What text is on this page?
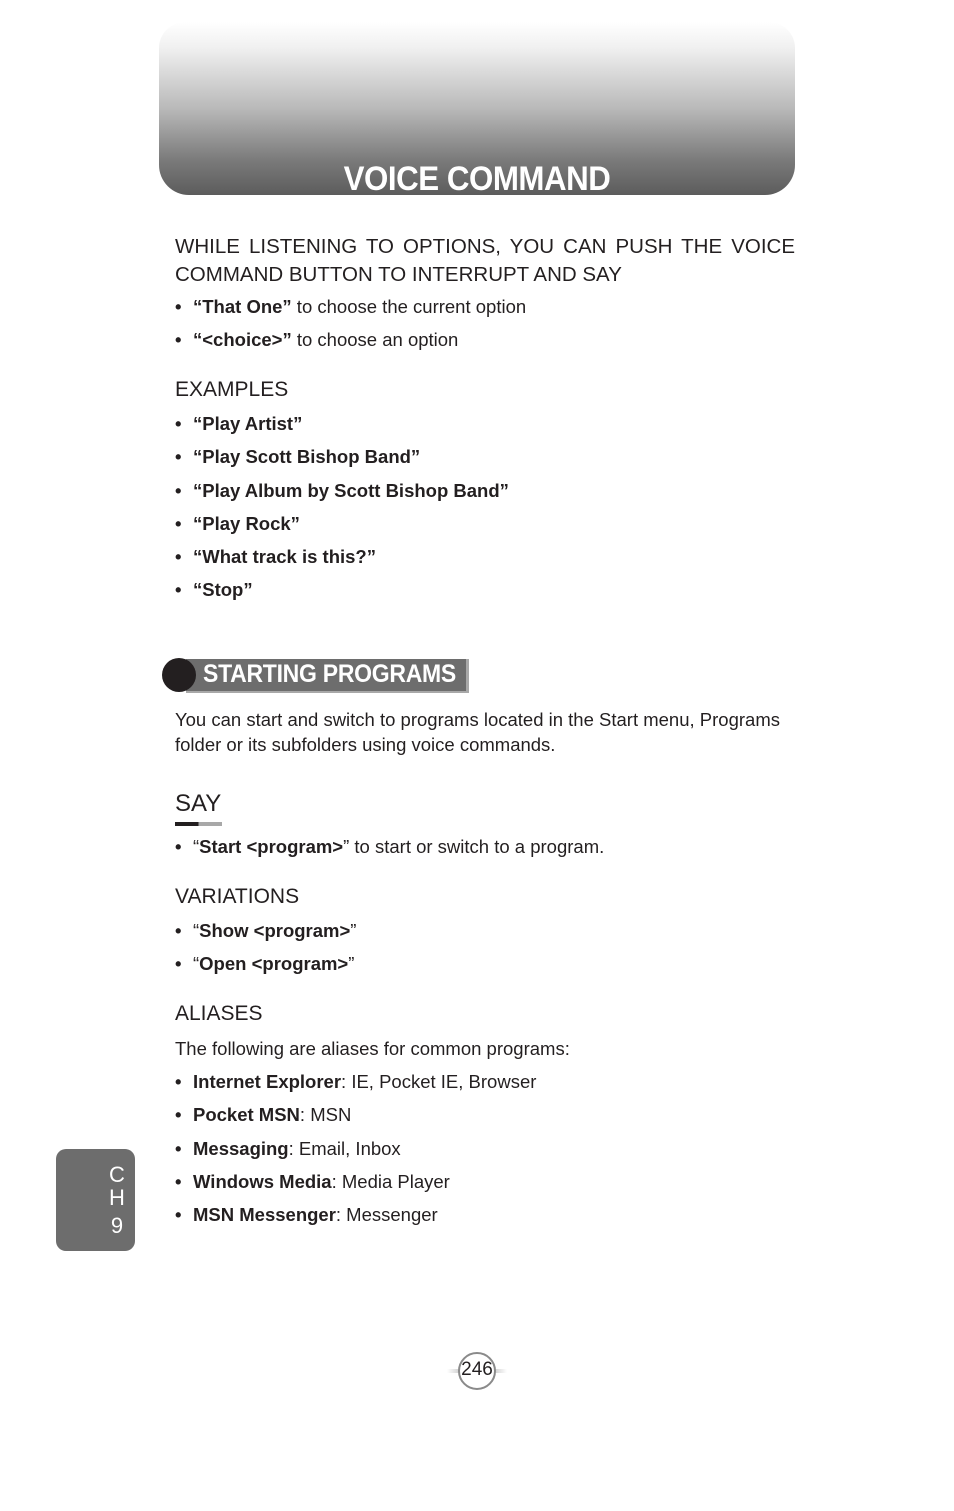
VOICE COMMAND
WHILE LISTENING TO OPTIONS, YOU CAN PUSH THE VOICE COMMAND BUTTON TO INTERRUPT AND SAY
• “That One” to choose the current option
• “<choice>” to choose an option
EXAMPLES
• “Play Artist”
• “Play Scott Bishop Band”
• “Play Album by Scott Bishop Band”
• “Play Rock”
• “What track is this?”
• “Stop”
STARTING PROGRAMS
You can start and switch to programs located in the Start menu, Programs folder or its subfolders using voice commands.
SAY
• “Start <program>” to start or switch to a program.
VARIATIONS
• “Show <program>”
• “Open <program>”
ALIASES
The following are aliases for common programs:
• Internet Explorer: IE, Pocket IE, Browser
• Pocket MSN: MSN
• Messaging: Email, Inbox
• Windows Media: Media Player
• MSN Messenger: Messenger
C
H
9
246
